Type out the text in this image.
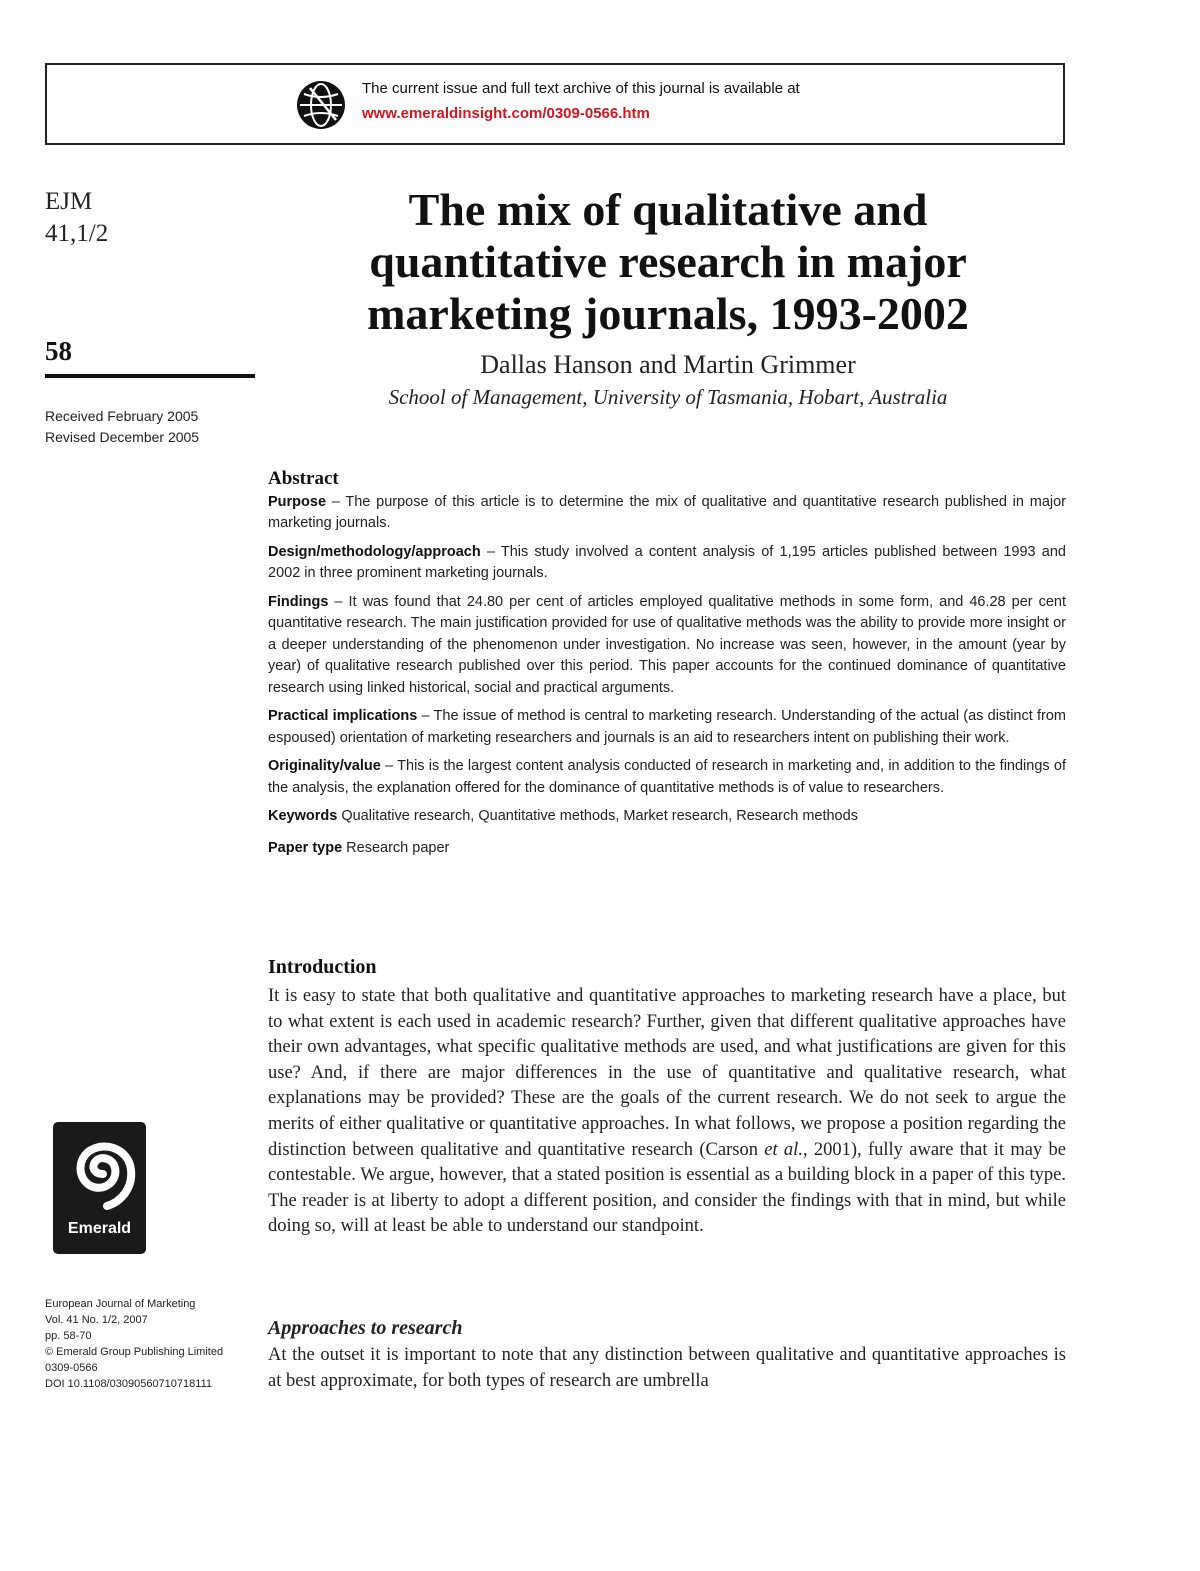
The current issue and full text archive of this journal is available at
www.emeraldinsight.com/0309-0566.htm
EJM
41,1/2
58
Received February 2005
Revised December 2005
The mix of qualitative and
quantitative research in major
marketing journals, 1993-2002
Dallas Hanson and Martin Grimmer
School of Management, University of Tasmania, Hobart, Australia
Abstract

Purpose – The purpose of this article is to determine the mix of qualitative and quantitative research published in major marketing journals.

Design/methodology/approach – This study involved a content analysis of 1,195 articles published between 1993 and 2002 in three prominent marketing journals.

Findings – It was found that 24.80 per cent of articles employed qualitative methods in some form, and 46.28 per cent quantitative research. The main justification provided for use of qualitative methods was the ability to provide more insight or a deeper understanding of the phenomenon under investigation. No increase was seen, however, in the amount (year by year) of qualitative research published over this period. This paper accounts for the continued dominance of quantitative research using linked historical, social and practical arguments.

Practical implications – The issue of method is central to marketing research. Understanding of the actual (as distinct from espoused) orientation of marketing researchers and journals is an aid to researchers intent on publishing their work.

Originality/value – This is the largest content analysis conducted of research in marketing and, in addition to the findings of the analysis, the explanation offered for the dominance of quantitative methods is of value to researchers.

Keywords Qualitative research, Quantitative methods, Market research, Research methods

Paper type Research paper

Introduction

It is easy to state that both qualitative and quantitative approaches to marketing research have a place, but to what extent is each used in academic research? Further, given that different qualitative approaches have their own advantages, what specific qualitative methods are used, and what justifications are given for this use? And, if there are major differences in the use of quantitative and qualitative research, what explanations may be provided? These are the goals of the current research. We do not seek to argue the merits of either qualitative or quantitative approaches. In what follows, we propose a position regarding the distinction between qualitative and quantitative research (Carson et al., 2001), fully aware that it may be contestable. We argue, however, that a stated position is essential as a building block in a paper of this type. The reader is at liberty to adopt a different position, and consider the findings with that in mind, but while doing so, will at least be able to understand our standpoint.

Approaches to research

At the outset it is important to note that any distinction between qualitative and quantitative approaches is at best approximate, for both types of research are umbrella

Emerald
European Journal of Marketing
Vol. 41 No. 1/2, 2007
pp. 58-70
© Emerald Group Publishing Limited
0309-0566
DOI 10.1108/03090560710718111
